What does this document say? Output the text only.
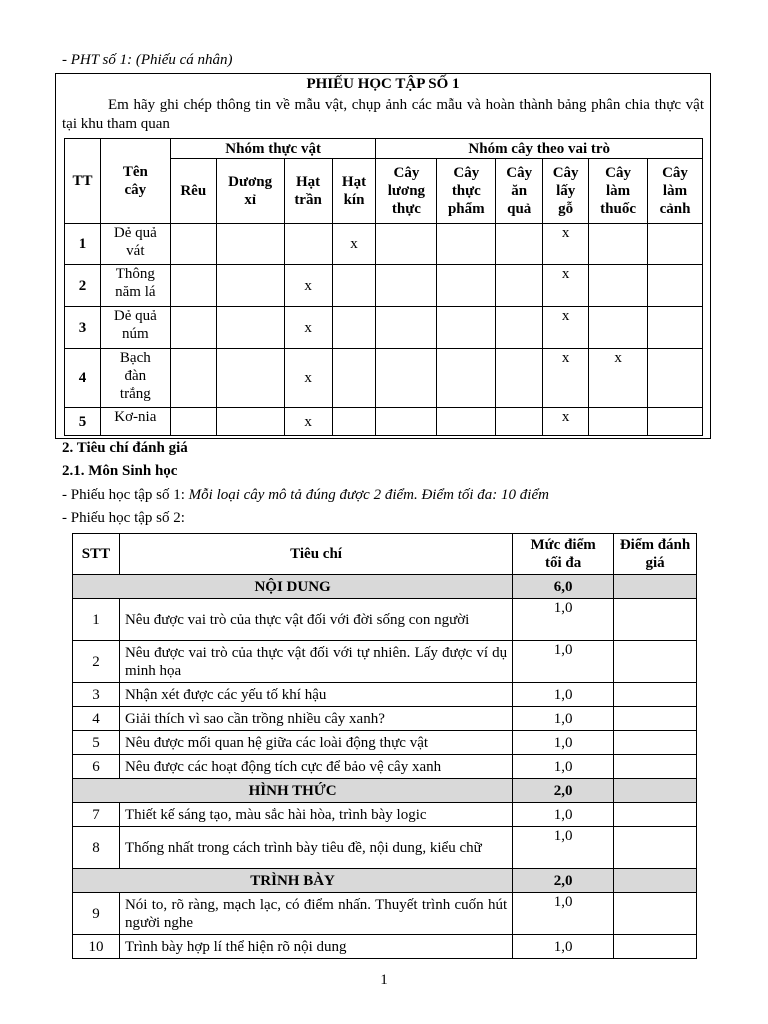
- PHT số 1: (Phiếu cá nhân)
PHIẾU HỌC TẬP SỐ 1
Em hãy ghi chép thông tin về mẫu vật, chụp ảnh các mẫu và hoàn thành bảng phân chia thực vật tại khu tham quan
TT	Tên cây	Nhóm thực vật				Nhóm cây theo vai trò					
		Rêu	Dương xỉ	Hạt trần	Hạt kín	Cây lương thực	Cây thực phẩm	Cây ăn quả	Cây lấy gỗ	Cây làm thuốc	Cây làm cảnh
1	Dẻ quả vát				x				x		
2	Thông năm lá			x					x		
3	Dẻ quả núm			x					x		
4	Bạch đàn trắng			x					x	x	
5	Kơ-nia			x					x		
2. Tiêu chí đánh giá
2.1. Môn Sinh học
- Phiếu học tập số 1: Mỗi loại cây mô tả đúng được 2 điểm. Điểm tối đa: 10 điểm
- Phiếu học tập số 2:
STT	Tiêu chí	Mức điểm tối đa	Điểm đánh giá
NỘI DUNG		6,0	
1	Nêu được vai trò của thực vật đối với đời sống con người	1,0	
2	Nêu được vai trò của thực vật đối với tự nhiên. Lấy được ví dụ minh họa	1,0	
3	Nhận xét được các yếu tố khí hậu	1,0	
4	Giải thích vì sao cần trồng nhiều cây xanh?	1,0	
5	Nêu được mối quan hệ giữa các loài động thực vật	1,0	
6	Nêu được các hoạt động tích cực để bảo vệ cây xanh	1,0	
HÌNH THỨC		2,0	
7	Thiết kế sáng tạo, màu sắc hài hòa, trình bày logic	1,0	
8	Thống nhất trong cách trình bày tiêu đề, nội dung, kiểu chữ	1,0	
TRÌNH BÀY		2,0	
9	Nói to, rõ ràng, mạch lạc, có điểm nhấn. Thuyết trình cuốn hút người nghe	1,0	
10	Trình bày hợp lí thể hiện rõ nội dung	1,0	
1
